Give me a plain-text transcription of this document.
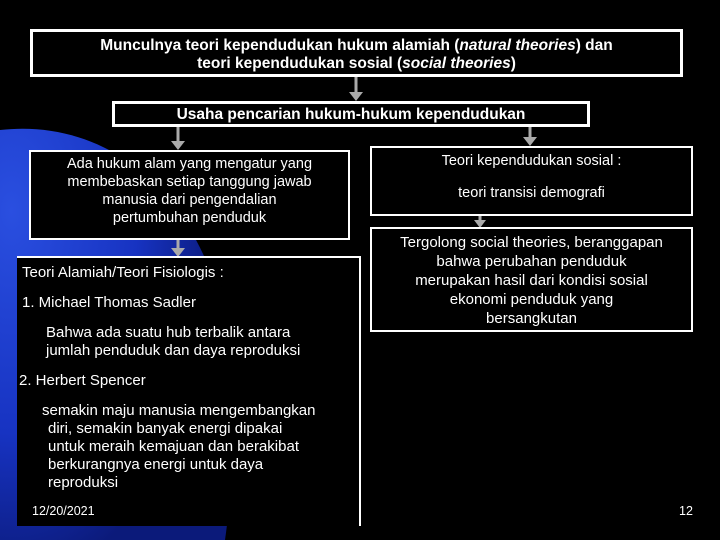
Munculnya teori kependudukan hukum alamiah (natural theories) dan
teori kependudukan sosial (social theories)
Usaha pencarian hukum-hukum kependudukan
Ada hukum alam yang mengatur yang
membebaskan setiap tanggung jawab
manusia dari pengendalian
pertumbuhan penduduk
Teori kependudukan sosial :
teori transisi demografi
Tergolong social theories, beranggapan
bahwa perubahan penduduk
merupakan hasil dari kondisi sosial
ekonomi penduduk yang
bersangkutan
Teori Alamiah/Teori Fisiologis :
1. Michael Thomas Sadler
Bahwa ada suatu hub terbalik antara
jumlah penduduk dan daya reproduksi
2. Herbert Spencer
semakin maju manusia mengembangkan
diri, semakin banyak energi dipakai
untuk meraih kemajuan dan berakibat
berkurangnya energi untuk daya
reproduksi
12/20/2021	12
